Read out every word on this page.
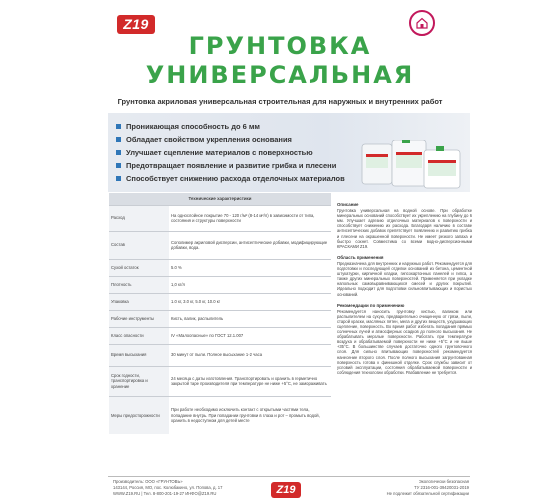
Z19
ГРУНТОВКА
УНИВЕРСАЛЬНАЯ
Грунтовка акриловая универсальная строительная для наружных и внутренних работ
Проникающая способность до 6 мм
Обладает свойством укрепления основания
Улучшает сцепление материалов с поверхностью
Предотвращает появление и развитие грибка и плесени
Способствует снижению расхода отделочных материалов
Технические характеристики	
Расход	На однослойное покрытие 70 - 120 г/м² (8-14 м²/л) в зависимости от типа, состояния и структуры поверхности
Состав	Сополимер акриловой дисперсии, антисептические добавки, модифицирующие добавки, вода.
Сухой остаток	5.0 %
Плотность	1,0 кг/л
Упаковка	1.0 кг, 3.0 кг, 5.0 кг, 10.0 кг
Рабочие инструменты	Кисть, валик, распылитель
Класс опасности	IV «Малоопасные» по ГОСТ 12.1.007
Время высыхания	30 минут от пыли. Полное высыхание 1-2 часа
Срок годности, транспортировка и хранение	24 месяца с даты изготовления. Транспортировать и хранить в герметично закрытой таре производителя при температуре не ниже +5°С, не замораживать
Меры предосторожности	При работе необходимо исключить контакт с открытыми частями тела, попадание внутрь. При попадании грунтовки в глаза и рот – промыть водой, хранить в недоступном для детей месте
Описание

Грунтовка универсальная на водной основе. При обработке минеральных оснований способствует их укреплению на глубину до 6 мм. Улучшает адгезию отделочных материалов к поверхности и способствует снижению их расхода. Благодаря наличию в составе антисептических добавок препятствует появлению и развитию грибка и плесени на окрашенной поверхности. Не имеет резкого запаха и быстро сохнет. Совместима со всеми водно-дисперсионными КРАСКАМИ Z19.

Область применения

Предназначена для внутренних и наружных работ. Рекомендуется для подготовки и последующей отделки оснований из бетона, цементной штукатурки, кирпичной кладки, гипсокартонных панелей и гипса, а также других минеральных поверхностей. Применяется при укладке напольных самовыравнивающихся смесей и других покрытий. Идеально подходит для подготовки сильновпитывающих и пористых оснований.

Рекомендации по применению

Рекомендуется наносить грунтовку кистью, валиком или распылителем на сухую, предварительно очищенную от грязи, пыли, старой краски, масляных пятен, мела и других веществ, ухудшающих сцепление, поверхность. Во время работ избегать попадания прямых солнечных лучей и атмосферных осадков до полного высыхания. Не обрабатывать мерзлые поверхности. Работать при температуре воздуха и обрабатываемой поверхности не ниже +5°С и не выше +35°С. В большинстве случаев достаточно одного грунтовочного слоя. Для сильно впитывающих поверхностей рекомендуется нанесение второго слоя. После полного высыхания загрунтованная поверхность готова к финишной отделке. Срок службы зависит от условий эксплуатации, состояния обрабатываемой поверхности и соблюдения технологии обработки. Разбавление не требуется.

Производитель: ООО «ГРУНТОВЬ»
143144, Россия, МО, пос. Колюбакино, ул. Попова, д. 17
WWW.Z19.RU | Тел. 8-800-201-19-27 ИНФО@Z19.RU	Z19
Экологически безопасная
ТУ 2316-001-39420031-2019
Не подлежит обязательной сертификации
